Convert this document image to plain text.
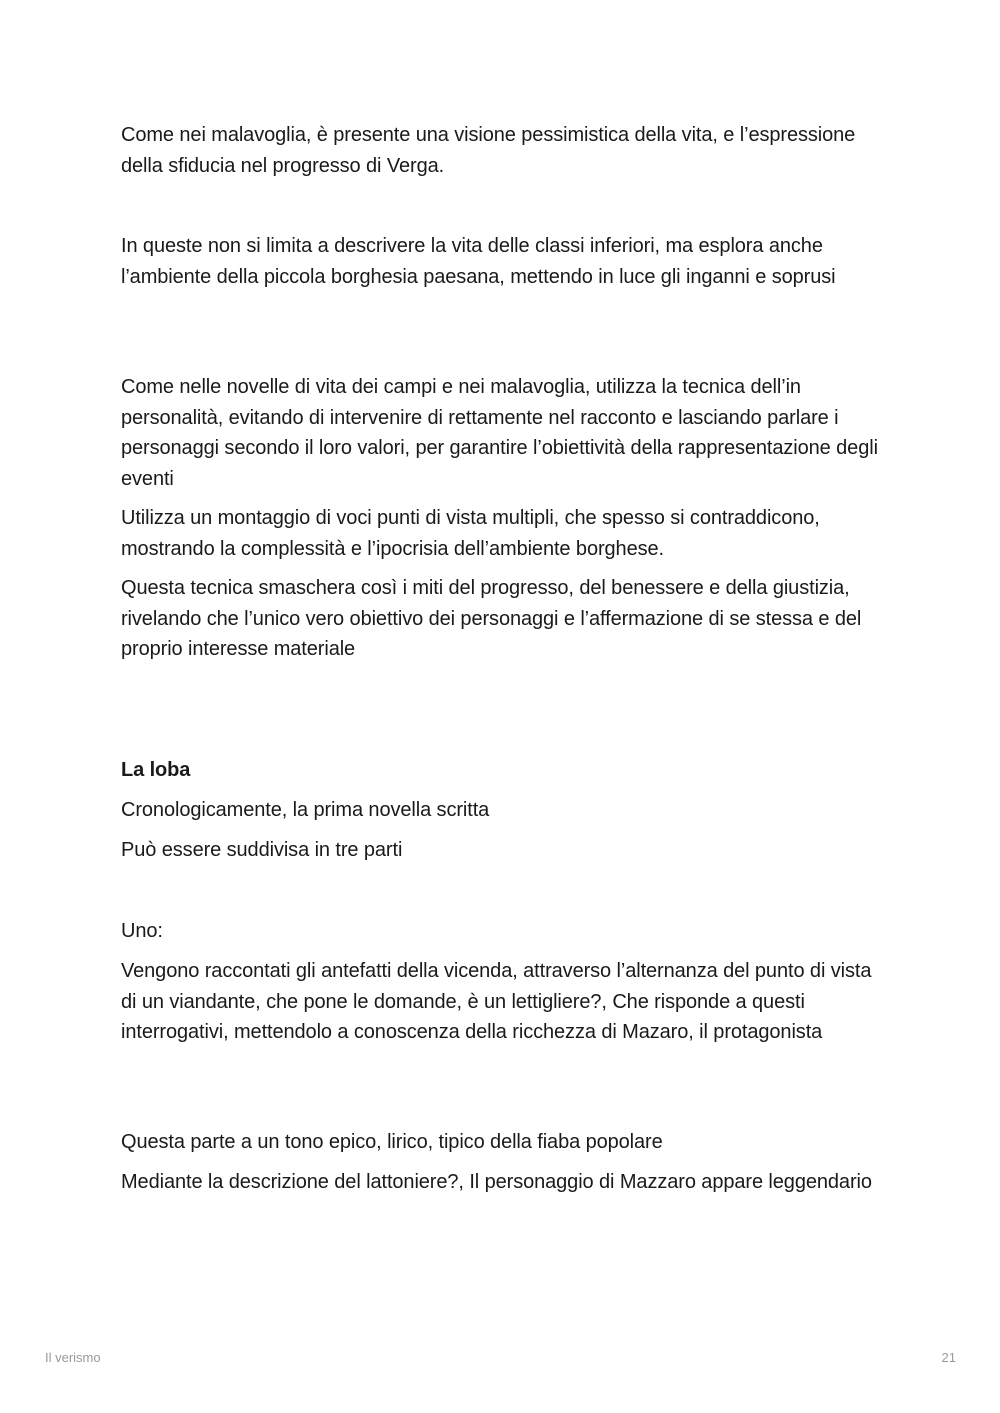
Come nei malavoglia, è presente una visione pessimistica della vita, e l’espressione della sfiducia nel progresso di Verga.

In queste non si limita a descrivere la vita delle classi inferiori, ma esplora anche l’ambiente della piccola borghesia paesana, mettendo in luce gli inganni e soprusi

Come nelle novelle di vita dei campi e nei malavoglia, utilizza la tecnica dell’in personalità, evitando di intervenire di rettamente nel racconto e lasciando parlare i personaggi secondo il loro valori, per garantire l’obiettività della rappresentazione degli eventi

Utilizza un montaggio di voci punti di vista multipli, che spesso si contraddicono, mostrando la complessità e l’ipocrisia dell’ambiente borghese.

Questa tecnica smaschera così i miti del progresso, del benessere e della giustizia, rivelando che l’unico vero obiettivo dei personaggi e l’affermazione di se stessa e del proprio interesse materiale

La loba

Cronologicamente, la prima novella scritta

Può essere suddivisa in tre parti

Uno:

Vengono raccontati gli antefatti della vicenda, attraverso l’alternanza del punto di vista di un viandante, che pone le domande, è un lettigliere?, Che risponde a questi interrogativi, mettendolo a conoscenza della ricchezza di Mazaro, il protagonista

Questa parte a un tono epico, lirico, tipico della fiaba popolare

Mediante la descrizione del lattoniere?, Il personaggio di Mazzaro appare leggendario

Il verismo	21
